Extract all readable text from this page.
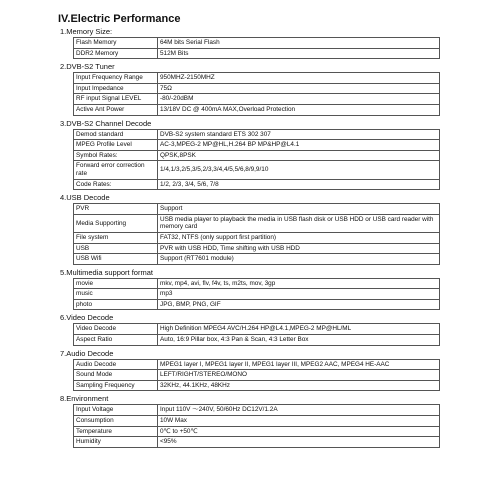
IV.Electric Performance
1.Memory Size:
Flash Memory	64M bits Serial Flash
DDR2 Memory	512M Bits
2.DVB-S2 Tuner
Input Frequency Range	950MHZ-2150MHZ
Input Impedance	75Ω
RF input Signal LEVEL	-80/-20dBM
Active Ant Power	13/18V DC @ 400mA MAX,Overload Protection
3.DVB-S2 Channel Decode
Demod standard	DVB-S2 system standard ETS 302 307
MPEG Profile Level	AC-3,MPEG-2 MP@HL,H.264 BP MP&HP@L4.1
Symbol Rates:	QPSK,8PSK
Forward error correction rate	1/4,1/3,2/5,3/5,2/3,3/4,4/5,5/6,8/9,9/10
Code Rates:	1/2, 2/3, 3/4, 5/6, 7/8
4.USB Decode
PVR	Support
Media Supporting	USB media player to playback the media in USB flash disk or USB HDD or USB card reader with memory card
File system	FAT32, NTFS (only support first partition)
USB	PVR with USB HDD, Time shifting with USB HDD
USB Wifi	Support (RT7601 module)
5.Multimedia support format
movie	mkv, mp4, avi, flv, f4v, ts, m2ts, mov, 3gp
music	mp3
photo	JPG, BMP, PNG, GIF
6.Video Decode
Video Decode	High Definition MPEG4 AVC/H.264 HP@L4.1,MPEG-2 MP@HL/ML
Aspect Ratio	Auto, 16:9 Pillar box, 4:3 Pan & Scan, 4:3 Letter Box
7.Audio Decode
Audio Decode	MPEG1 layer I, MPEG1 layer II, MPEG1 layer III, MPEG2 AAC, MPEG4 HE-AAC
Sound Mode	LEFT/RIGHT/STEREO/MONO
Sampling Frequency	32KHz, 44.1KHz, 48KHz
8.Environment
Input Voltage	Input 110V ～240V, 50/60Hz DC12V/1.2A
Consumption	10W Max
Temperature	0℃ to +50℃
Humidity	<95%
